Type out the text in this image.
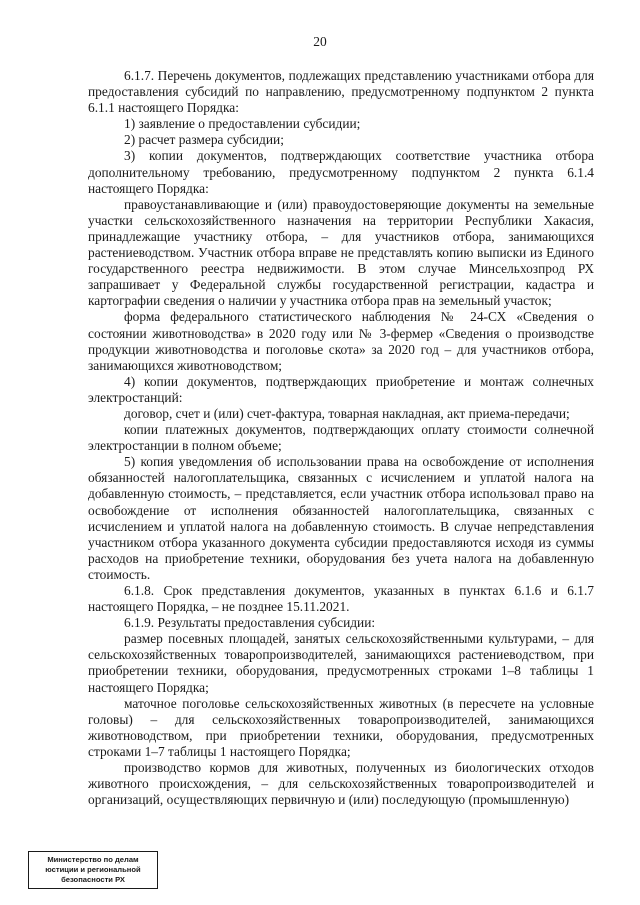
20

6.1.7. Перечень документов, подлежащих представлению участниками отбора для предоставления субсидий по направлению, предусмотренному подпунктом 2 пункта 6.1.1 настоящего Порядка:

1) заявление о предоставлении субсидии;

2) расчет размера субсидии;

3) копии документов, подтверждающих соответствие участника отбора дополнительному требованию, предусмотренному подпунктом 2 пункта 6.1.4 настоящего Порядка:

правоустанавливающие и (или) правоудостоверяющие документы на земельные участки сельскохозяйственного назначения на территории Республики Хакасия, принадлежащие участнику отбора, – для участников отбора, занимающихся растениеводством. Участник отбора вправе не представлять копию выписки из Единого государственного реестра недвижимости. В этом случае Минсельхозпрод РХ запрашивает у Федеральной службы государственной регистрации, кадастра и картографии сведения о наличии у участника отбора прав на земельный участок;

форма федерального статистического наблюдения № 24-СХ «Сведения о состоянии животноводства» в 2020 году или № 3-фермер «Сведения о производстве продукции животноводства и поголовье скота» за 2020 год – для участников отбора, занимающихся животноводством;

4) копии документов, подтверждающих приобретение и монтаж солнечных электростанций:

договор, счет и (или) счет-фактура, товарная накладная, акт приема-передачи;

копии платежных документов, подтверждающих оплату стоимости солнечной электростанции в полном объеме;

5) копия уведомления об использовании права на освобождение от исполнения обязанностей налогоплательщика, связанных с исчислением и уплатой налога на добавленную стоимость, – представляется, если участник отбора использовал право на освобождение от исполнения обязанностей налогоплательщика, связанных с исчислением и уплатой налога на добавленную стоимость. В случае непредставления участником отбора указанного документа субсидии предоставляются исходя из суммы расходов на приобретение техники, оборудования без учета налога на добавленную стоимость.

6.1.8. Срок представления документов, указанных в пунктах 6.1.6 и 6.1.7 настоящего Порядка, – не позднее 15.11.2021.

6.1.9. Результаты предоставления субсидии:

размер посевных площадей, занятых сельскохозяйственными культурами, – для сельскохозяйственных товаропроизводителей, занимающихся растениеводством, при приобретении техники, оборудования, предусмотренных строками 1–8 таблицы 1 настоящего Порядка;

маточное поголовье сельскохозяйственных животных (в пересчете на условные головы) – для сельскохозяйственных товаропроизводителей, занимающихся животноводством, при приобретении техники, оборудования, предусмотренных строками 1–7 таблицы 1 настоящего Порядка;

производство кормов для животных, полученных из биологических отходов животного происхождения, – для сельскохозяйственных товаропроизводителей и организаций, осуществляющих первичную и (или) последующую (промышленную)

Министерство по делам
юстиции и региональной
безопасности РХ
